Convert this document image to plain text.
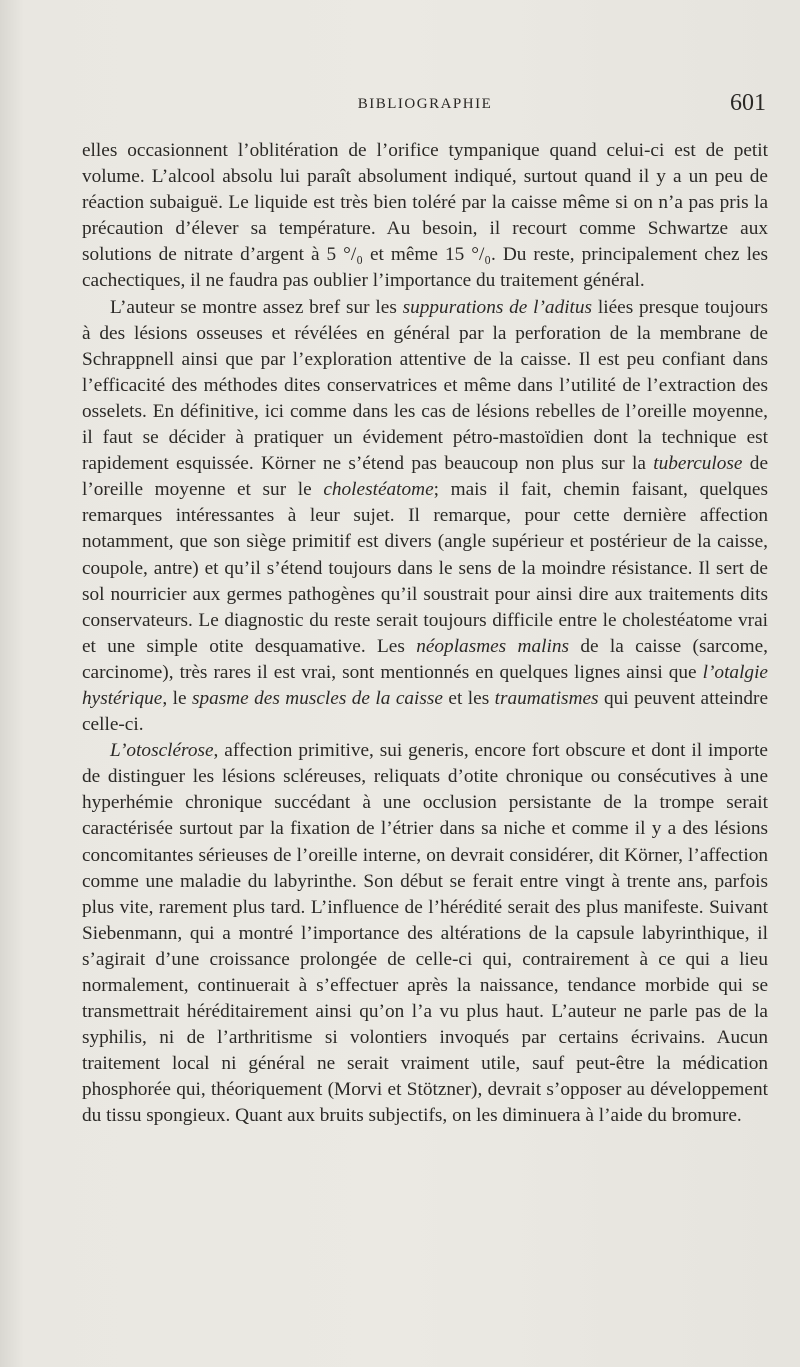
BIBLIOGRAPHIE	601

elles occasionnent l’oblitération de l’orifice tympanique quand celui-ci est de petit volume. L’alcool absolu lui paraît absolument indiqué, surtout quand il y a un peu de réaction subaiguë. Le liquide est très bien toléré par la caisse même si on n’a pas pris la précaution d’élever sa température. Au besoin, il recourt comme Schwartze aux solutions de nitrate d’argent à 5 °/₀ et même 15 °/₀. Du reste, principalement chez les cachectiques, il ne faudra pas oublier l’importance du traitement général.

L’auteur se montre assez bref sur les suppurations de l’aditus liées presque toujours à des lésions osseuses et révélées en général par la perforation de la membrane de Schrappnell ainsi que par l’exploration attentive de la caisse. Il est peu confiant dans l’efficacité des méthodes dites conservatrices et même dans l’utilité de l’extraction des osselets. En définitive, ici comme dans les cas de lésions rebelles de l’oreille moyenne, il faut se décider à pratiquer un évidement pétro-mastoïdien dont la technique est rapidement esquissée. Körner ne s’étend pas beaucoup non plus sur la tuberculose de l’oreille moyenne et sur le cholestéatome; mais il fait, chemin faisant, quelques remarques intéressantes à leur sujet. Il remarque, pour cette dernière affection notamment, que son siège primitif est divers (angle supérieur et postérieur de la caisse, coupole, antre) et qu’il s’étend toujours dans le sens de la moindre résistance. Il sert de sol nourricier aux germes pathogènes qu’il soustrait pour ainsi dire aux traitements dits conservateurs. Le diagnostic du reste serait toujours difficile entre le cholestéatome vrai et une simple otite desquamative. Les néoplasmes malins de la caisse (sarcome, carcinome), très rares il est vrai, sont mentionnés en quelques lignes ainsi que l’otalgie hystérique, le spasme des muscles de la caisse et les traumatismes qui peuvent atteindre celle-ci.

L’otosclérose, affection primitive, sui generis, encore fort obscure et dont il importe de distinguer les lésions scléreuses, reliquats d’otite chronique ou consécutives à une hyperhémie chronique succédant à une occlusion persistante de la trompe serait caractérisée surtout par la fixation de l’étrier dans sa niche et comme il y a des lésions concomitantes sérieuses de l’oreille interne, on devrait considérer, dit Körner, l’affection comme une maladie du labyrinthe. Son début se ferait entre vingt à trente ans, parfois plus vite, rarement plus tard. L’influence de l’hérédité serait des plus manifeste. Suivant Siebenmann, qui a montré l’importance des altérations de la capsule labyrinthique, il s’agirait d’une croissance prolongée de celle-ci qui, contrairement à ce qui a lieu normalement, continuerait à s’effectuer après la naissance, tendance morbide qui se transmettrait héréditairement ainsi qu’on l’a vu plus haut. L’auteur ne parle pas de la syphilis, ni de l’arthritisme si volontiers invoqués par certains écrivains. Aucun traitement local ni général ne serait vraiment utile, sauf peut-être la médication phosphorée qui, théoriquement (Morvi et Stötzner), devrait s’opposer au développement du tissu spongieux. Quant aux bruits subjectifs, on les diminuera à l’aide du bromure.
